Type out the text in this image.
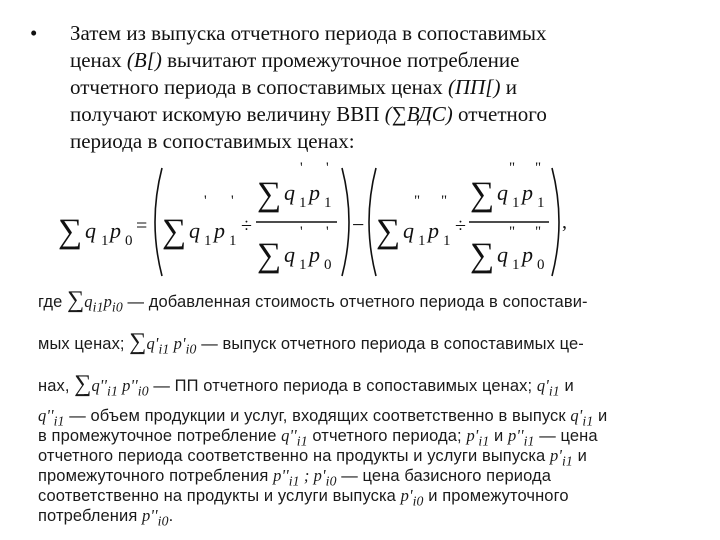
• Затем из выпуска отчетного периода в сопоставимых
ценах (В[) вычитают промежуточное потребление
отчетного периода в сопоставимых ценах (ПП[) и
получают искомую величину ВВП (∑ВДС) отчетного
периода в сопоставимых ценах:
∑ q 1 p 0
= ∑ q 1
'
p 1
'
÷
∑ q 1
'
p 1
'
∑ q 1
'
p 0
' − ∑ q 1
"
p 1
"
÷
∑ q 1
"
p 1
"
∑ q 1
"
p 0
" ,
где $\sum q_{i1}p_{i0}$ — добавленная стоимость отчетного периода в сопостави-
мых ценах; $\sum q'_{i1}$ $p'_{i0}$ — выпуск отчетного периода в сопоставимых це-
нах, $\sum q''_{i1}$ $p''_{i0}$ — ПП отчетного периода в сопоставимых ценах; $q'_{i1}$ и
$q''_{i1}$ — объем продукции и услуг, входящих соответственно в выпуск $q'_{i1}$ и
в промежуточное потребление $q''_{i1}$ отчетного периода; $p'_{i1}$ и $p''_{i1}$ — цена
отчетного периода соответственно на продукты и услуги выпуска $p'_{i1}$ и
промежуточного потребления $p''_{i1}$ ; $p'_{i0}$ — цена базисного периода
соответственно на продукты и услуги выпуска $p'_{i0}$ и промежуточного
потребления $p''_{i0}$.
